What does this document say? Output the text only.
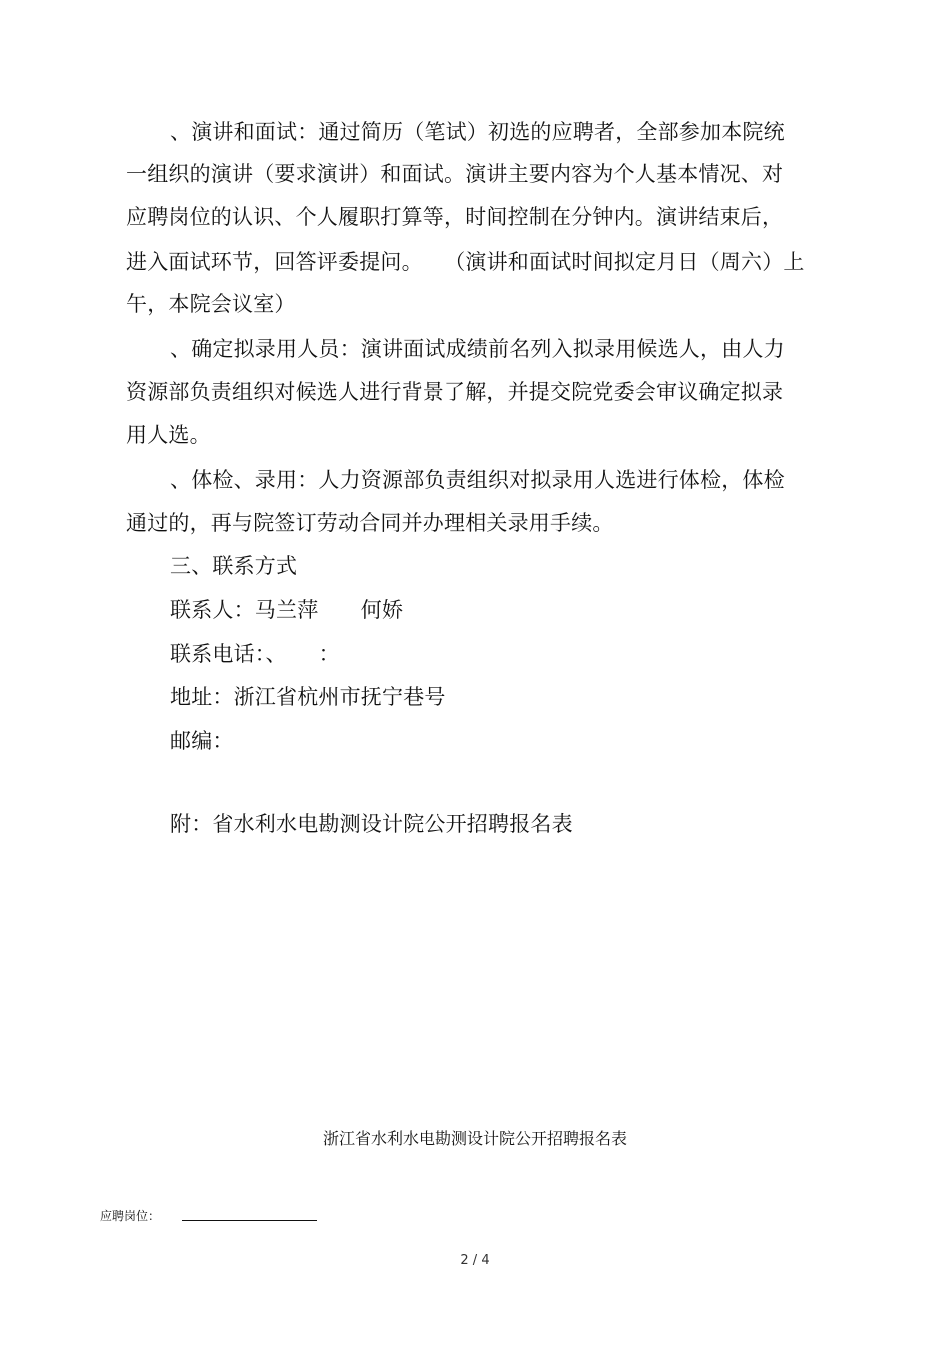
、演讲和面试：通过简历（笔试）初选的应聘者，全部参加本院统
一组织的演讲（要求演讲）和面试。演讲主要内容为个人基本情况、对
应聘岗位的认识、个人履职打算等，时间控制在分钟内。演讲结束后，
进入面试环节，回答评委提问。　　（演讲和面试时间拟定月日（周六）上
午，本院会议室）
、确定拟录用人员：演讲面试成绩前名列入拟录用候选人，由人力
资源部负责组织对候选人进行背景了解，并提交院党委会审议确定拟录
用人选。
、体检、录用：人力资源部负责组织对拟录用人选进行体检，体检
通过的，再与院签订劳动合同并办理相关录用手续。
三、联系方式
联系人：马兰萍　　何娇
联系电话：、　　：
地址：浙江省杭州市抚宁巷号
邮编：
附：省水利水电勘测设计院公开招聘报名表
浙江省水利水电勘测设计院公开招聘报名表
应聘岗位：
2 / 4
